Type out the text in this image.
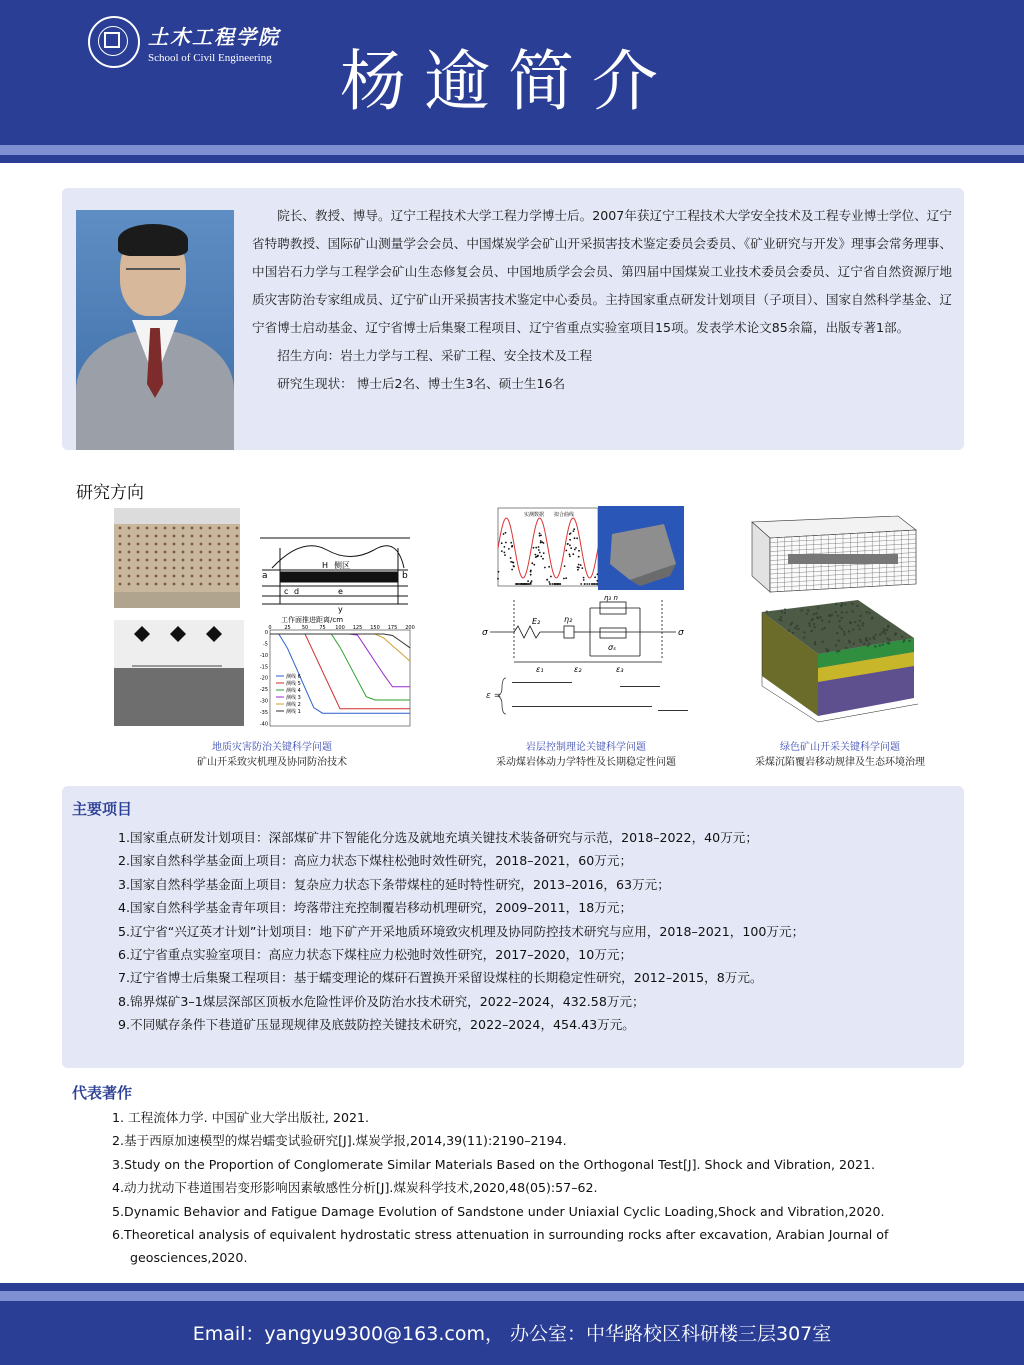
土木工程学院
School of Civil Engineering 杨逾简介

院长、教授、博导。辽宁工程技术大学工程力学博士后。2007年获辽宁工程技术大学安全技术及工程专业博士学位、辽宁省特聘教授、国际矿山测量学会会员、中国煤炭学会矿山开采损害技术鉴定委员会委员、《矿业研究与开发》理事会常务理事、中国岩石力学与工程学会矿山生态修复会员、中国地质学会会员、第四届中国煤炭工业技术委员会委员、辽宁省自然资源厅地质灾害防治专家组成员、辽宁矿山开采损害技术鉴定中心委员。主持国家重点研发计划项目（子项目）、国家自然科学基金、辽宁省博士启动基金、辽宁省博士后集聚工程项目、辽宁省重点实验室项目15项。发表学术论文85余篇，出版专著1部。

招生方向：岩土力学与工程、采矿工程、安全技术及工程

研究生现状： 博士后2名、博士生3名、硕士生16名

研究方向
a	b
c d	e
y
H 侧区
工作面推进距离/cm
0	25 50 75 100 125 150 175 200
0
-5
-10
-15
-20
-25
-30
-35
-40
测线 6
测线 5
测线 4
测线 3
测线 2
测线 1
地质灾害防治关键科学问题
矿山开采致灾机理及协同防治技术
实测数据 拟合曲线
σ	σ
E₂	η₂
η₃ n
σₛ
ε₁	ε₂	ε₃
ε =
岩层控制理论关键科学问题
采动煤岩体动力学特性及长期稳定性问题
绿色矿山开采关键科学问题
采煤沉陷覆岩移动规律及生态环境治理
主要项目
1.国家重点研发计划项目：深部煤矿井下智能化分选及就地充填关键技术装备研究与示范，2018–2022，40万元；
2.国家自然科学基金面上项目：高应力状态下煤柱松弛时效性研究，2018–2021，60万元；
3.国家自然科学基金面上项目：复杂应力状态下条带煤柱的延时特性研究，2013–2016，63万元；
4.国家自然科学基金青年项目：垮落带注充控制覆岩移动机理研究，2009–2011，18万元；
5.辽宁省“兴辽英才计划”计划项目：地下矿产开采地质环境致灾机理及协同防控技术研究与应用，2018–2021，100万元；
6.辽宁省重点实验室项目：高应力状态下煤柱应力松弛时效性研究，2017–2020，10万元；
7.辽宁省博士后集聚工程项目：基于蠕变理论的煤矸石置换开采留设煤柱的长期稳定性研究，2012–2015，8万元。
8.锦界煤矿3–1煤层深部区顶板水危险性评价及防治水技术研究，2022–2024，432.58万元；
9.不同赋存条件下巷道矿压显现规律及底鼓防控关键技术研究，2022–2024，454.43万元。
代表著作
1. 工程流体力学. 中国矿业大学出版社, 2021.
2.基于西原加速模型的煤岩蠕变试验研究[J].煤炭学报,2014,39(11):2190–2194.
3.Study on the Proportion of Conglomerate Similar Materials Based on the Orthogonal Test[J]. Shock and Vibration, 2021.
4.动力扰动下巷道围岩变形影响因素敏感性分析[J].煤炭科学技术,2020,48(05):57–62.
5.Dynamic Behavior and Fatigue Damage Evolution of Sandstone under Uniaxial Cyclic Loading,Shock and Vibration,2020.
6.Theoretical analysis of equivalent hydrostatic stress attenuation in surrounding rocks after excavation, Arabian Journal of
geosciences,2020.
Email：yangyu9300@163.com， 办公室：中华路校区科研楼三层307室
